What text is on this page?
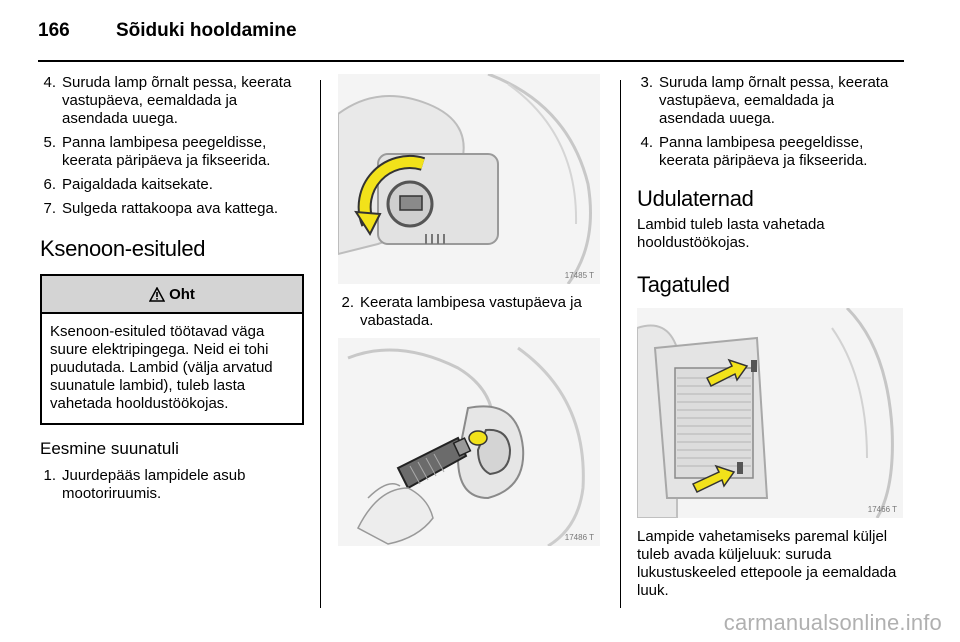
166	Sõiduki hooldamine
4. Suruda lamp õrnalt pessa, keerata vastupäeva, eemaldada ja asendada uuega.
5. Panna lambipesa peegeldisse, keerata päripäeva ja fikseerida.
6. Paigaldada kaitsekate.
7. Sulgeda rattakoopa ava kattega.
Ksenoon-esituled
Oht
Ksenoon-esituled töötavad väga suure elektripingega. Neid ei tohi puudutada. Lambid (välja arvatud suunatule lambid), tuleb lasta vahetada hooldustöökojas.
Eesmine suunatuli
1. Juurdepääs lampidele asub mootoriruumis.
17485 T
2. Keerata lambipesa vastupäeva ja vabastada.
17486 T
3. Suruda lamp õrnalt pessa, keerata vastupäeva, eemaldada ja asendada uuega.
4. Panna lambipesa peegeldisse, keerata päripäeva ja fikseerida.
Udulaternad
Lambid tuleb lasta vahetada hooldustöökojas.
Tagatuled
17466 T
Lampide vahetamiseks paremal küljel tuleb avada küljeluuk: suruda lukustuskeeled ettepoole ja eemaldada luuk.
carmanualsonline.info
